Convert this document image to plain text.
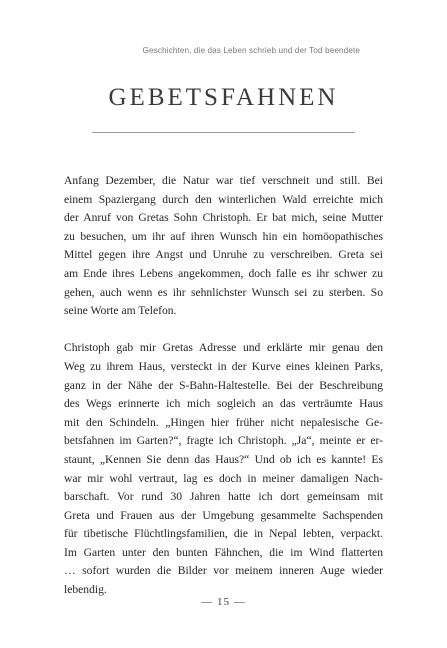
Geschichten, die das Leben schrieb und der Tod beendete
GEBETSFAHNEN

Anfang Dezember, die Natur war tief verschneit und still. Bei
einem Spaziergang durch den winterlichen Wald erreichte mich
der Anruf von Gretas Sohn Christoph. Er bat mich, seine Mutter
zu besuchen, um ihr auf ihren Wunsch hin ein homöopathisches
Mittel gegen ihre Angst und Unruhe zu verschreiben. Greta sei
am Ende ihres Lebens angekommen, doch falle es ihr schwer zu
gehen, auch wenn es ihr sehnlichster Wunsch sei zu sterben. So
seine Worte am Telefon.

Christoph gab mir Gretas Adresse und erklärte mir genau den
Weg zu ihrem Haus, versteckt in der Kurve eines kleinen Parks,
ganz in der Nähe der S-Bahn-Haltestelle. Bei der Beschreibung
des Wegs erinnerte ich mich sogleich an das verträumte Haus
mit den Schindeln. „Hingen hier früher nicht nepalesische Ge-
betsfahnen im Garten?“, fragte ich Christoph. „Ja“, meinte er er-
staunt, „Kennen Sie denn das Haus?“ Und ob ich es kannte! Es
war mir wohl vertraut, lag es doch in meiner damaligen Nach-
barschaft. Vor rund 30 Jahren hatte ich dort gemeinsam mit
Greta und Frauen aus der Umgebung gesammelte Sachspenden
für tibetische Flüchtlingsfamilien, die in Nepal lebten, verpackt.
Im Garten unter den bunten Fähnchen, die im Wind flatterten
… sofort wurden die Bilder vor meinem inneren Auge wieder
lebendig.

— 15 —
